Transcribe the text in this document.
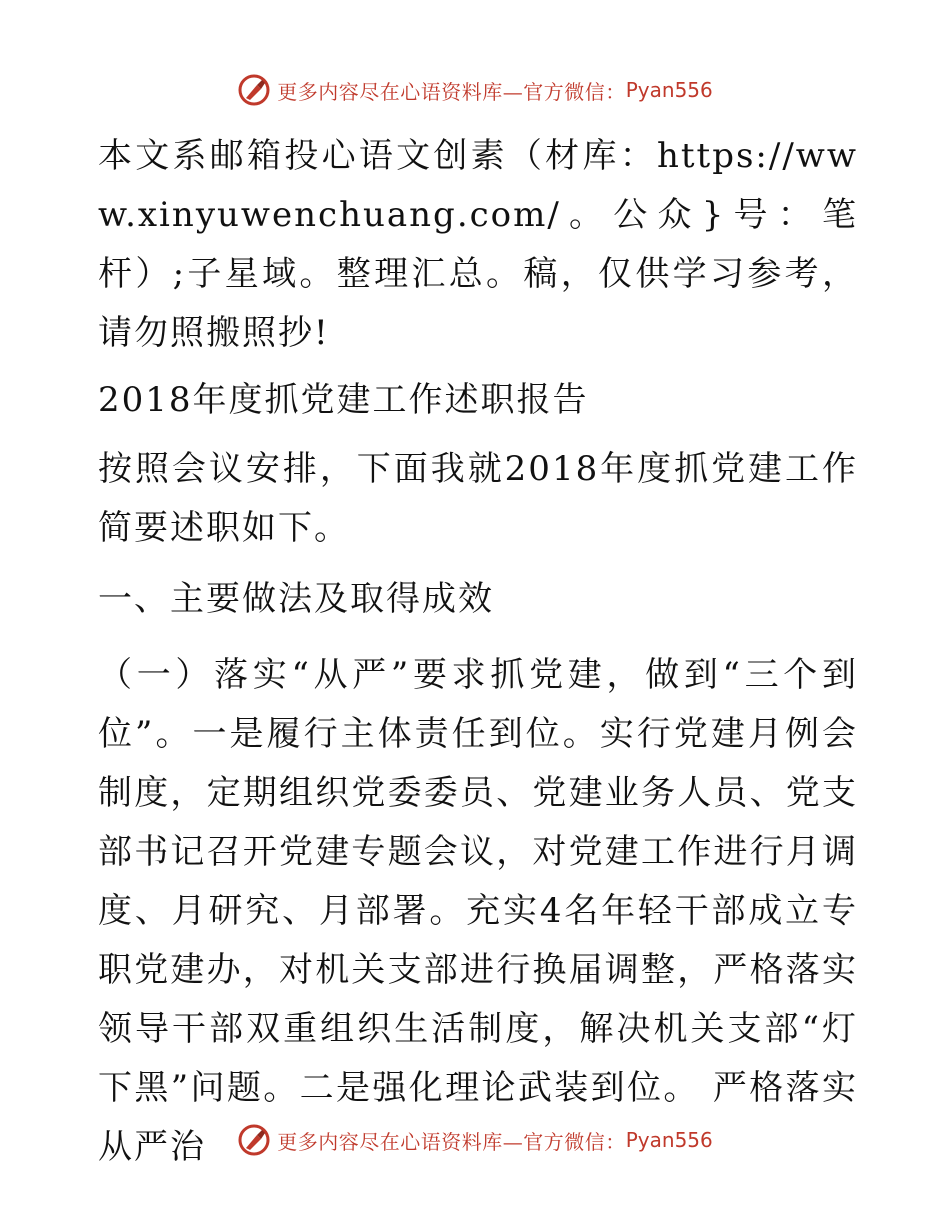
更多内容尽在心语资料库—官方微信： Pyan556

本文系邮箱投心语文创素（材库：https://www.xinyuwenchuang.com/。公众}号：笔杆）;子星域。整理汇总。稿，仅供学习参考，请勿照搬照抄!

2018年度抓党建工作述职报告

按照会议安排，下面我就2018年度抓党建工作简要述职如下。

一、主要做法及取得成效

（一）落实“从严”要求抓党建，做到“三个到位”。一是履行主体责任到位。实行党建月例会制度，定期组织党委委员、党建业务人员、党支部书记召开党建专题会议，对党建工作进行月调度、月研究、月部署。充实4名年轻干部成立专职党建办，对机关支部进行换届调整，严格落实领导干部双重组织生活制度，解决机关支部“灯下黑”问题。二是强化理论武装到位。 严格落实从严治	更多内容尽在心语资料库—官方微信： Pyan556
